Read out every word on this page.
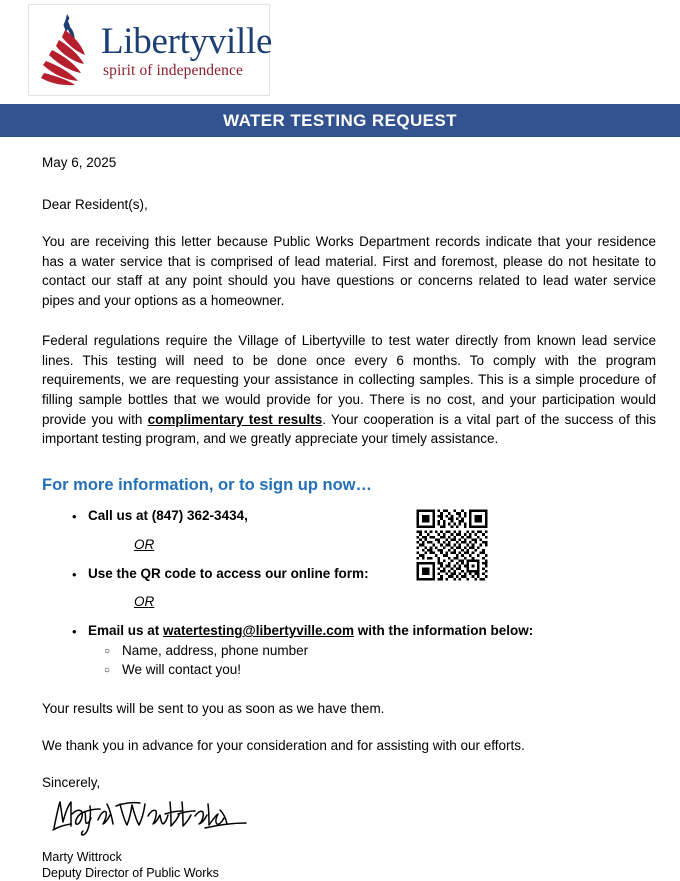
Libertyville
spirit of independence
WATER TESTING REQUEST
May 6, 2025
Dear Resident(s),
You are receiving this letter because Public Works Department records indicate that your residence has a water service that is comprised of lead material. First and foremost, please do not hesitate to contact our staff at any point should you have questions or concerns related to lead water service pipes and your options as a homeowner.
Federal regulations require the Village of Libertyville to test water directly from known lead service lines. This testing will need to be done once every 6 months. To comply with the program requirements, we are requesting your assistance in collecting samples. This is a simple procedure of filling sample bottles that we would provide for you. There is no cost, and your participation would provide you with complimentary test results. Your cooperation is a vital part of the success of this important testing program, and we greatly appreciate your timely assistance.
For more information, or to sign up now…
• Call us at (847) 362-3434,
OR
• Use the QR code to access our online form:
OR
• Email us at watertesting@libertyville.com with the information below:
○ Name, address, phone number
○ We will contact you!
Your results will be sent to you as soon as we have them.
We thank you in advance for your consideration and for assisting with our efforts.
Sincerely,
Marty Wittrock
Deputy Director of Public Works
